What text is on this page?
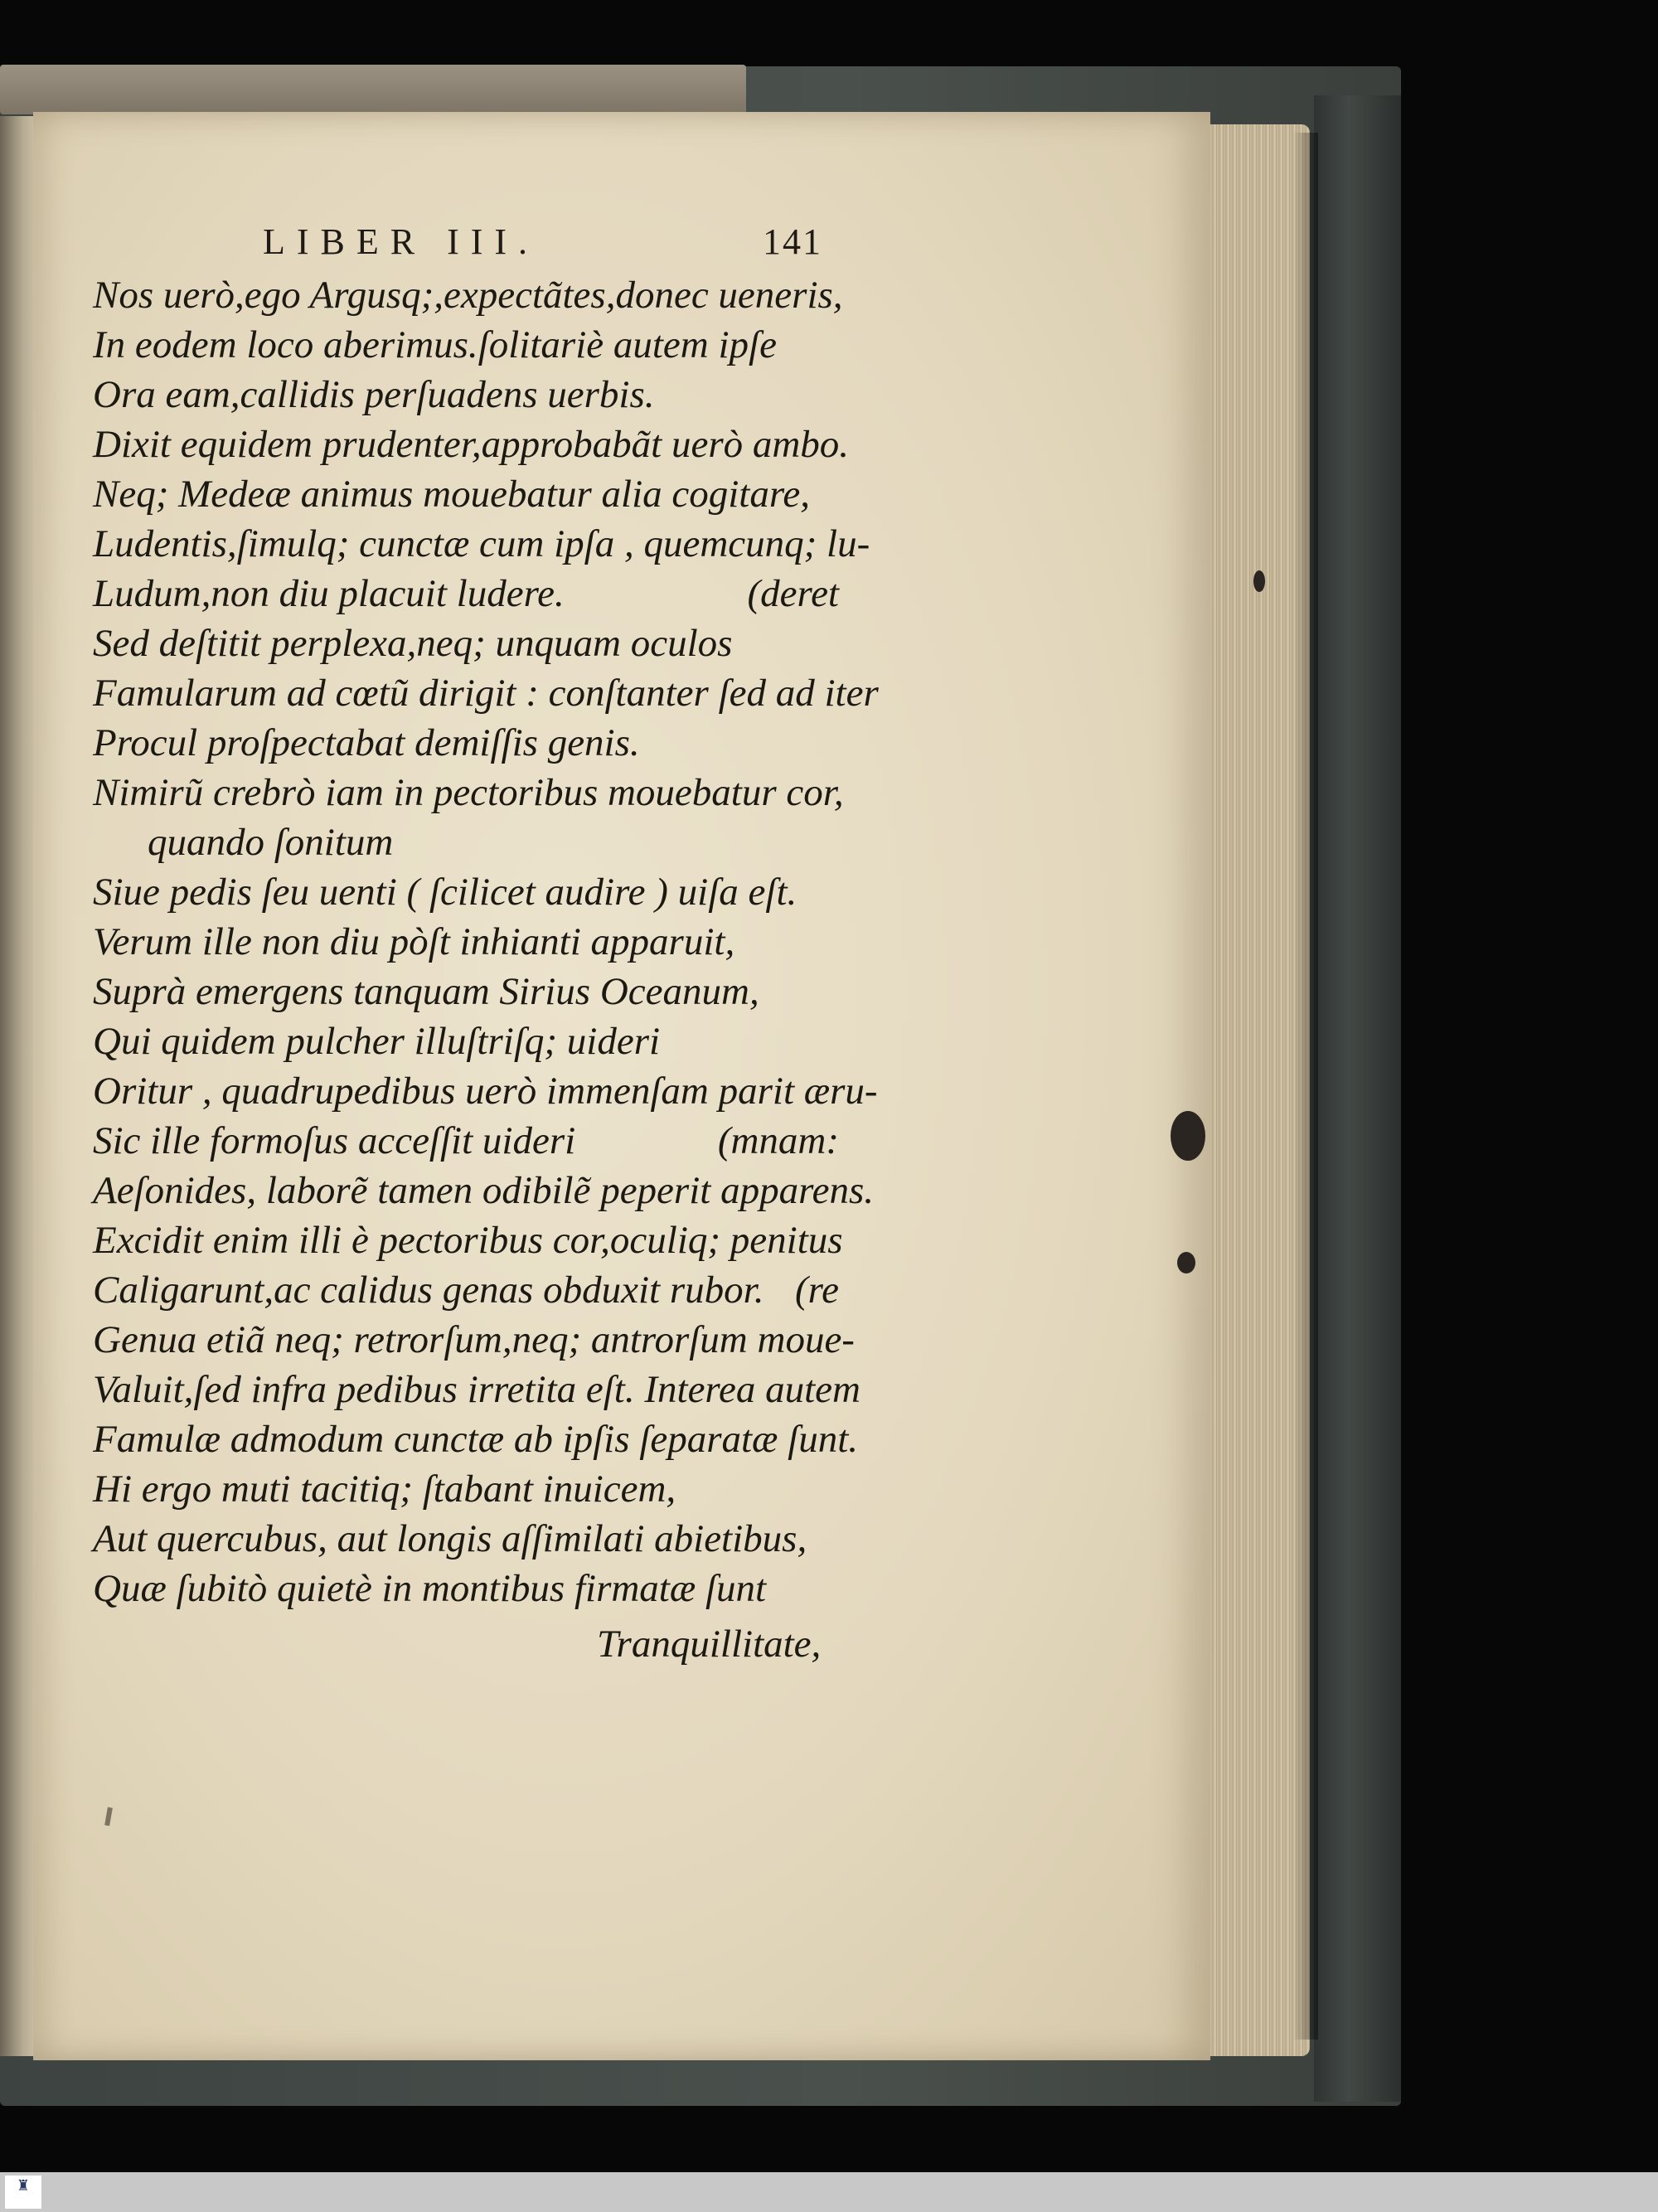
LIBER III.	141
Nos uerò,ego Argusq;,expectãtes,donec ueneris,
In eodem loco aberimus.ſolitariè autem ipſe
Ora eam,callidis perſuadens uerbis.
Dixit equidem prudenter,approbabãt uerò ambo.
Neq; Medeæ animus mouebatur alia cogitare,
Ludentis,ſimulq; cunctæ cum ipſa , quemcunq; lu-
Ludum,non diu placuit ludere.	(deret
Sed deſtitit perplexa,neq; unquam oculos
Famularum ad cœtũ dirigit : conſtanter ſed ad iter
Procul proſpectabat demiſſis genis.
Nimirũ crebrò iam in pectoribus mouebatur cor,
quando ſonitum
Siue pedis ſeu uenti ( ſcilicet audire ) uiſa eſt.
Verum ille non diu pòſt inhianti apparuit,
Suprà emergens tanquam Sirius Oceanum,
Qui quidem pulcher illuſtriſq; uideri
Oritur , quadrupedibus uerò immenſam parit æru-
Sic ille formoſus acceſſit uideri	(mnam:
Aeſonides, laborẽ tamen odibilẽ peperit apparens.
Excidit enim illi è pectoribus cor,oculiq; penitus
Caligarunt,ac calidus genas obduxit rubor. (re
Genua etiã neq; retrorſum,neq; antrorſum moue-
Valuit,ſed infra pedibus irretita eſt. Interea autem
Famulæ admodum cunctæ ab ipſis ſeparatæ ſunt.
Hi ergo muti tacitiq; ſtabant inuicem,
Aut quercubus, aut longis aſſimilati abietibus,
Quæ ſubitò quietè in montibus firmatæ ſunt
Tranquillitate,
♜
